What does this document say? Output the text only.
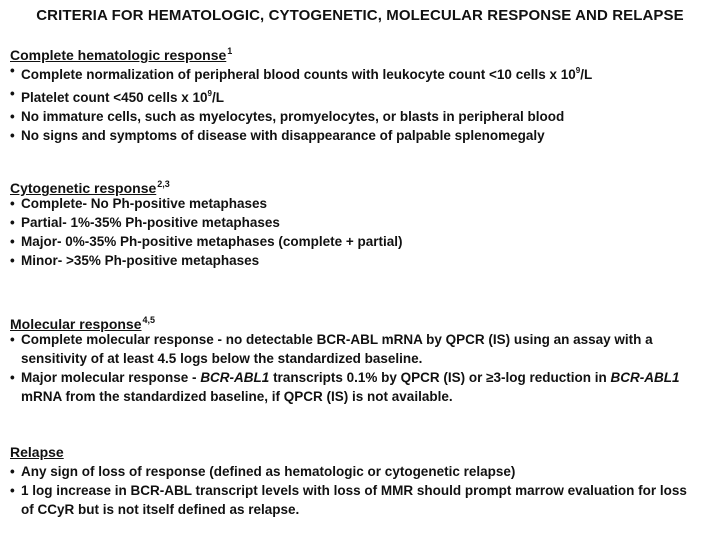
CRITERIA FOR HEMATOLOGIC, CYTOGENETIC, MOLECULAR RESPONSE AND RELAPSE
Complete hematologic response$^1$
• Complete normalization of peripheral blood counts with leukocyte count <10 cells x $10^9/L$
• Platelet count <450 cells x $10^9/L$
• No immature cells, such as myelocytes, promyelocytes, or blasts in peripheral blood
• No signs and symptoms of disease with disappearance of palpable splenomegaly
Cytogenetic response$^{2,3}$
• Complete- No Ph-positive metaphases
• Partial- 1%-35% Ph-positive metaphases
• Major- 0%-35% Ph-positive metaphases (complete + partial)
• Minor- >35% Ph-positive metaphases
Molecular response$^{4,5}$
• Complete molecular response - no detectable BCR-ABL mRNA by QPCR (IS) using an assay with a
sensitivity of at least 4.5 logs below the standardized baseline.
• Major molecular response - BCR-ABL1 transcripts 0.1% by QPCR (IS) or ≥3-log reduction in BCR-ABL1
mRNA from the standardized baseline, if QPCR (IS) is not available.
Relapse
• Any sign of loss of response (defined as hematologic or cytogenetic relapse)
• 1 log increase in BCR-ABL transcript levels with loss of MMR should prompt marrow evaluation for loss
of CCyR but is not itself defined as relapse.
